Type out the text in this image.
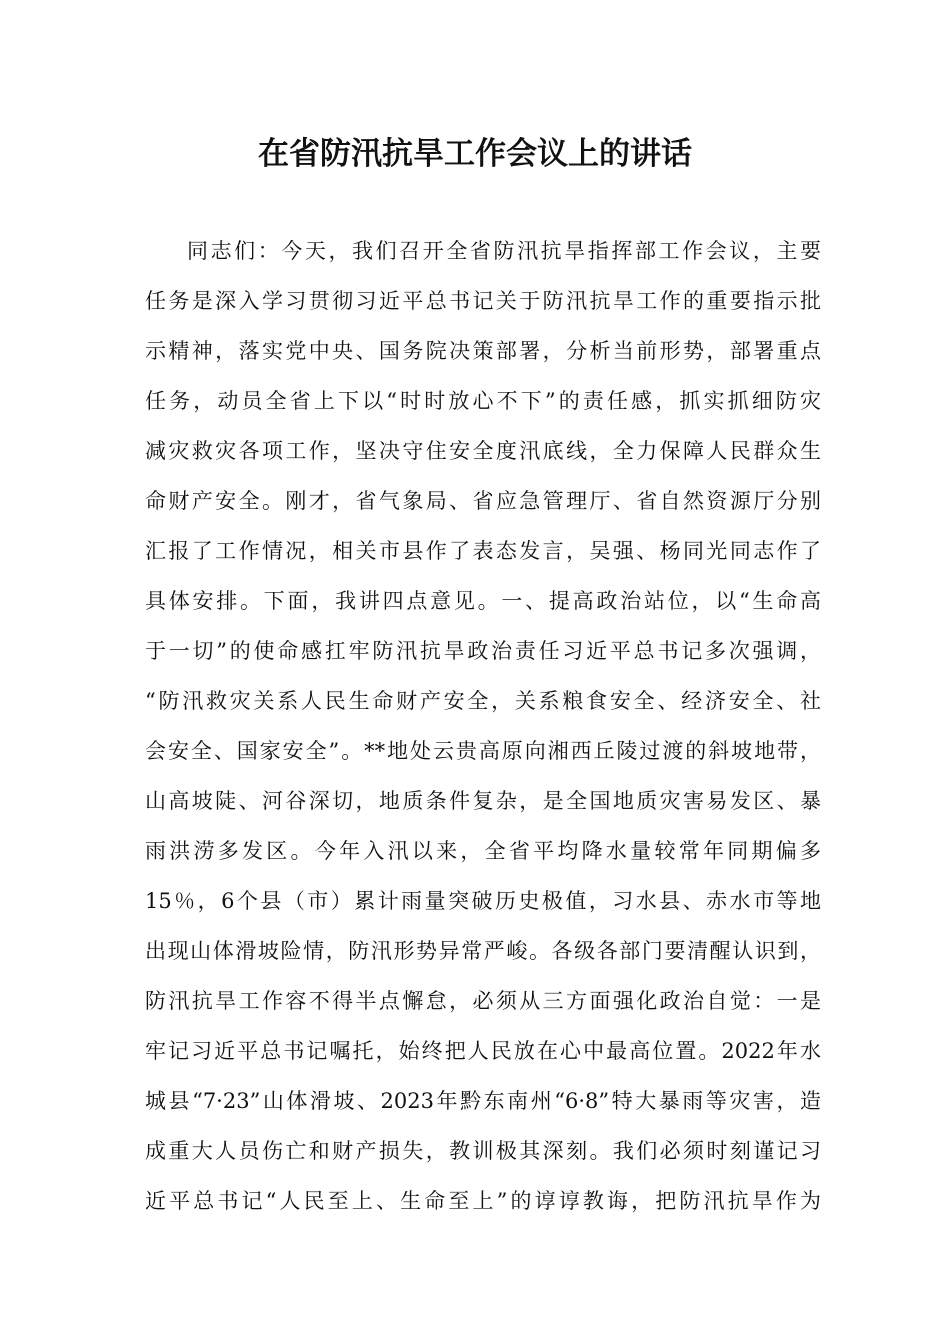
在省防汛抗旱工作会议上的讲话
同志们：今天，我们召开全省防汛抗旱指挥部工作会议，主要
任务是深入学习贯彻习近平总书记关于防汛抗旱工作的重要指示批
示精神，落实党中央、国务院决策部署，分析当前形势，部署重点
任务，动员全省上下以“时时放心不下”的责任感，抓实抓细防灾
减灾救灾各项工作，坚决守住安全度汛底线，全力保障人民群众生
命财产安全。刚才，省气象局、省应急管理厅、省自然资源厅分别
汇报了工作情况，相关市县作了表态发言，吴强、杨同光同志作了
具体安排。下面，我讲四点意见。一、提高政治站位，以“生命高
于一切”的使命感扛牢防汛抗旱政治责任习近平总书记多次强调，
“防汛救灾关系人民生命财产安全，关系粮食安全、经济安全、社
会安全、国家安全”。**地处云贵高原向湘西丘陵过渡的斜坡地带，
山高坡陡、河谷深切，地质条件复杂，是全国地质灾害易发区、暴
雨洪涝多发区。今年入汛以来，全省平均降水量较常年同期偏多
15％，6个县（市）累计雨量突破历史极值，习水县、赤水市等地
出现山体滑坡险情，防汛形势异常严峻。各级各部门要清醒认识到，
防汛抗旱工作容不得半点懈怠，必须从三方面强化政治自觉：一是
牢记习近平总书记嘱托，始终把人民放在心中最高位置。2022年水
城县“7·23”山体滑坡、2023年黔东南州“6·8”特大暴雨等灾害，造
成重大人员伤亡和财产损失，教训极其深刻。我们必须时刻谨记习
近平总书记“人民至上、生命至上”的谆谆教诲，把防汛抗旱作为
